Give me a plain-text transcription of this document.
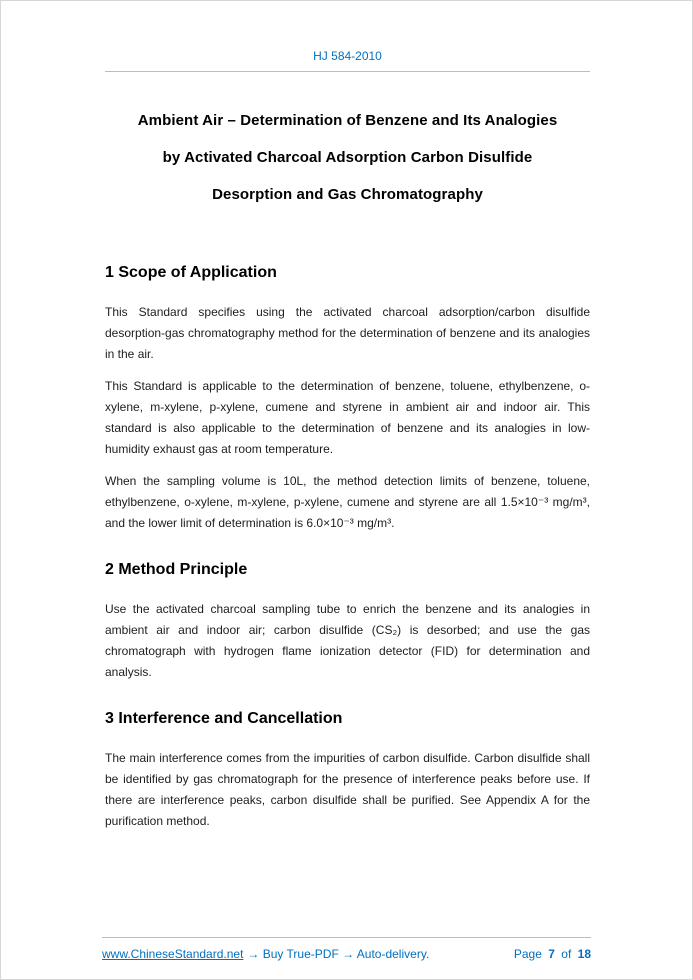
HJ 584-2010
Ambient Air – Determination of Benzene and Its Analogies
by Activated Charcoal Adsorption Carbon Disulfide
Desorption and Gas Chromatography
1 Scope of Application

This Standard specifies using the activated charcoal adsorption/carbon disulfide desorption-gas chromatography method for the determination of benzene and its analogies in the air.

This Standard is applicable to the determination of benzene, toluene, ethylbenzene, o-xylene, m-xylene, p-xylene, cumene and styrene in ambient air and indoor air. This standard is also applicable to the determination of benzene and its analogies in low-humidity exhaust gas at room temperature.

When the sampling volume is 10L, the method detection limits of benzene, toluene, ethylbenzene, o-xylene, m-xylene, p-xylene, cumene and styrene are all 1.5×10⁻³ mg/m³, and the lower limit of determination is 6.0×10⁻³ mg/m³.

2 Method Principle

Use the activated charcoal sampling tube to enrich the benzene and its analogies in ambient air and indoor air; carbon disulfide (CS₂) is desorbed; and use the gas chromatograph with hydrogen flame ionization detector (FID) for determination and analysis.

3 Interference and Cancellation

The main interference comes from the impurities of carbon disulfide. Carbon disulfide shall be identified by gas chromatograph for the presence of interference peaks before use. If there are interference peaks, carbon disulfide shall be purified. See Appendix A for the purification method.

www.ChineseStandard.net → Buy True-PDF → Auto-delivery.	Page 7 of 18
